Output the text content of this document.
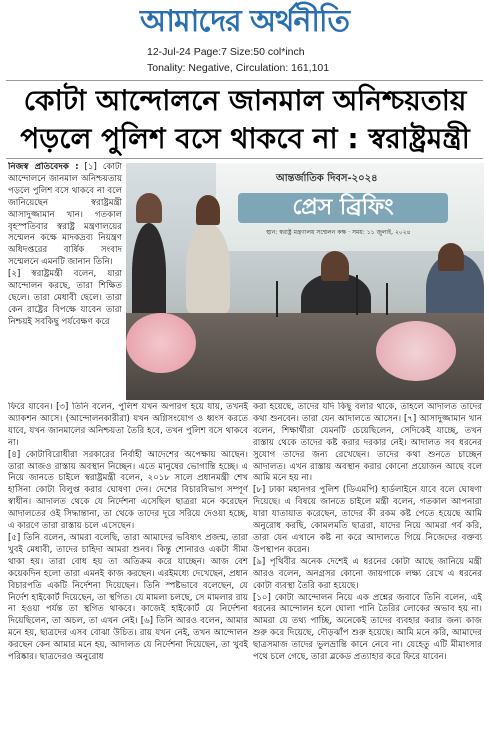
আমাদের অর্থনীতি
12-Jul-24 Page:7 Size:50 col*inch
Tonality: Negative, Circulation: 161,101
কোটা আন্দোলনে জানমাল অনিশ্চয়তায়
পড়লে পুলিশ বসে থাকবে না : স্বরাষ্ট্রমন্ত্রী

নিজস্ব প্রতিবেদক : [১] কোটা আন্দোলনে জানমাল অনিশ্চয়তায় পড়লে পুলিশ বসে থাকবে না বলে জানিয়েছেন স্বরাষ্ট্রমন্ত্রী আসাদুজ্জামান খান। গতকাল বৃহস্পতিবার স্বরাষ্ট্র মন্ত্রণালয়ের সম্মেলন কক্ষে মাদকদ্রব্য নিয়ন্ত্রণ অধিদপ্তরের বার্ষিক সংবাদ সম্মেলনে এমনটি জানান তিনি।

[২] স্বরাষ্ট্রমন্ত্রী বলেন, যারা আন্দোলন করছে, তারা শিক্ষিত ছেলে। তারা মেধাবী ছেলে। তারা কেন রাষ্ট্রের বিপক্ষে যাবেন তারা নিশ্চয়ই সবকিছু পর্যবেক্ষণ করে

আন্তর্জাতিক দিবস-২০২৪
প্রেস ব্রিফিং
স্থান: স্বরাষ্ট্র মন্ত্রণালয় সম্মেলন কক্ষ · সময়: ১১ জুলাই, ২০২৪

ফিরে যাবেন। [৩] তিনি বলেন, পুলিশ যখন অপারগ হয়ে যায়, তখনই অ্যাকশন আসে। (আন্দোলনকারীরা) যখন অগ্নিসংযোগ ও ধ্বংস করতে যাবে, যখন জানমালের অনিশ্চয়তা তৈরি হবে, তখন পুলিশ বসে থাকবে না।

[৪] কোটাবিরোধীরা সরকারের নির্বাহী আদেশের অপেক্ষায় আছেন। তারা আজও রাস্তায় অবস্থান নিচ্ছেন। এতে মানুষের ভোগান্তি হচ্ছে। এ নিয়ে জানতে চাইলে স্বরাষ্ট্রমন্ত্রী বলেন, ২০১৮ সালে প্রধানমন্ত্রী শেখ হাসিনা কোটা বিলুপ্ত করার ঘোষণা দেন। দেশের বিচারবিভাগ সম্পূর্ণ স্বাধীন। আদালত থেকে যে নির্দেশনা এসেছিল ছাত্ররা মনে করেছেন আদালতের ওই সিদ্ধান্তানা, তা থেকে তাদের দূরে সরিয়ে দেওয়া হচ্ছে, এ কারণে তারা রাস্তায় চলে এসেছেন।

[৫] তিনি বলেন, আমরা বলেছি, তারা আমাদের ভবিষ্যৎ প্রজন্ম, তারা খুবই মেধাবী, তাদের চাহিদা আমরা শুনব। কিন্তু শোনারও একটা সীমা থাকা হয়। তারা বোধ হয় তা অতিক্রম করে যাচ্ছেন। আজ বেশ কয়েকদিন হলো তারা এমনই কাজ করছেন। এরইমধ্যে দেখেছেন, প্রধান বিচারপতি একটি নির্দেশনা দিয়েছেন। তিনি স্পষ্টভাবে বলেছেন, যে নির্দেশ হাইকোর্ট দিয়েছেন, তা স্থগিত। যে মামলা চলছে, সে মামলার রায় না হওয়া পর্যন্ত তা স্থগিত থাকবে। কাজেই হাইকোর্ট যে নির্দেশনা দিয়েছিলেন, তা অচল, তা এখন নেই। [৬] তিনি আরও বলেন, আমার মনে হয়, ছাত্রদের এসব বোঝা উচিত। রায় যখন নেই, তখন আন্দোলন করছেন কেন আমার মনে হয়, আদালত যে নির্দেশনা দিয়েছেন, তা খুবই পরিষ্কার। ছাত্রদেরও অনুরোধ

করা হয়েছে, তাদের যদি কিছু বলার থাকে, তাহলে আদালত তাদের কথা শুনবেন। তারা যেন আদালতে আসেন। [৭] আসাদুজ্জামান খান বলেন, শিক্ষার্থীরা যেমনটি চেয়েছিলেন, সেদিকেই যাচ্ছে, তখন রাস্তায় থেকে তাদের কষ্ট করার দরকার নেই। আদালত সব ধরনের সুযোগ তাদের জন্য রেখেছেন। তাদের কথা শুনতে চাচ্ছেন আদালত। এখন রাস্তায় অবস্থান করার কোনো প্রয়োজন আছে বলে আমি মনে হয় না।

[৮] ঢাকা মহানগর পুলিশ (ডিএমপি) হার্ডলাইনে যাবে বলে ঘোষণা দিয়েছে। এ বিষয়ে জানতে চাইলে মন্ত্রী বলেন, গতকাল আপনারা যারা যাতায়াত করেছেন, তাদের কী রকম কষ্ট পেতে হয়েছে আমি অনুরোধ করছি, কোমলমতি ছাত্ররা, যাদের নিয়ে আমরা গর্ব করি, তারা যেন এখানে কষ্ট না করে আদালতে গিয়ে নিজেদের বক্তব্য উপস্থাপন করেন।

[৯] পৃথিবীর অনেক দেশেই এ ধরনের কোটা আছে জানিয়ে মন্ত্রী আরও বলেন, অনগ্রসর কোনো জায়গাকে লক্ষ্য রেখে এ ধরনের কোটা ব্যবস্থা তৈরি করা হয়েছে।

[১০] কোটা আন্দোলন নিয়ে এক প্রশ্নের জবাবে তিনি বলেন, এই ধরনের আন্দোলন হলে ঘোলা পানি তৈরির লোকের অভাব হয় না। আমরা যে তথ্য পাচ্ছি, অনেকেই তাদের ব্যবহার করার জন্য কাজ শুরু করে দিয়েছে, দৌড়ঝাঁপ শুরু হয়েছে। আমি মনে করি, আমাদের ছাত্রসমাজ তাদের ভুলভ্রান্তি কানে নেবে না। যেহেতু এটি মীমাংসার পথে চলে গেছে, তারা ব্লকেড প্রত্যাহার করে ফিরে যাবেন।
